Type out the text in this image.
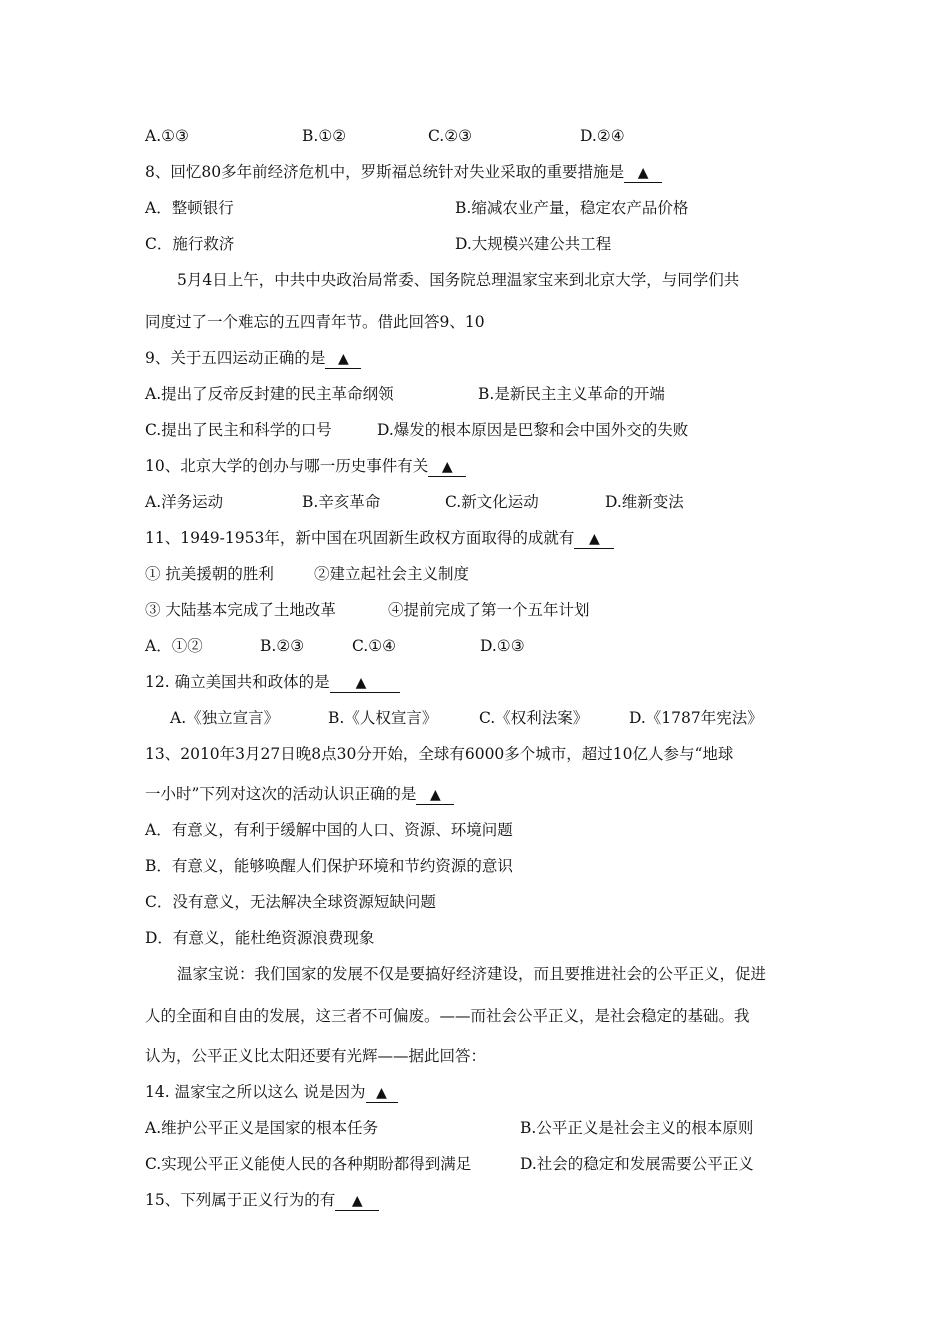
A.①③	B.①②	C.②③	D.②④
8、回忆80多年前经济危机中，罗斯福总统针对失业采取的重要措施是 ▲
A．整顿银行	B.缩减农业产量，稳定农产品价格
C．施行救济	D.大规模兴建公共工程
5月4日上午，中共中央政治局常委、国务院总理温家宝来到北京大学，与同学们共
同度过了一个难忘的五四青年节。借此回答9、10
9、关于五四运动正确的是 ▲
A.提出了反帝反封建的民主革命纲领	B.是新民主主义革命的开端
C.提出了民主和科学的口号	D.爆发的根本原因是巴黎和会中国外交的失败
10、北京大学的创办与哪一历史事件有关 ▲
A.洋务运动	B.辛亥革命	C.新文化运动	D.维新变法
11、1949-1953年，新中国在巩固新生政权方面取得的成就有 ▲
① 抗美援朝的胜利	②建立起社会主义制度
③ 大陆基本完成了土地改革	④提前完成了第一个五年计划
A．①②	B.②③	C.①④	D.①③
12. 确立美国共和政体的是 ▲
A.《独立宣言》	B.《人权宣言》	C.《权利法案》	D.《1787年宪法》
13、2010年3月27日晚8点30分开始，全球有6000多个城市，超过10亿人参与“地球
一小时”下列对这次的活动认识正确的是 ▲
A．有意义，有利于缓解中国的人口、资源、环境问题
B．有意义，能够唤醒人们保护环境和节约资源的意识
C．没有意义，无法解决全球资源短缺问题
D．有意义，能杜绝资源浪费现象
温家宝说：我们国家的发展不仅是要搞好经济建设，而且要推进社会的公平正义，促进
人的全面和自由的发展，这三者不可偏废。——而社会公平正义，是社会稳定的基础。我
认为，公平正义比太阳还要有光辉——据此回答：
14. 温家宝之所以这么 说是因为 ▲
A.维护公平正义是国家的根本任务	B.公平正义是社会主义的根本原则
C.实现公平正义能使人民的各种期盼都得到满足	D.社会的稳定和发展需要公平正义
15、下列属于正义行为的有 ▲
